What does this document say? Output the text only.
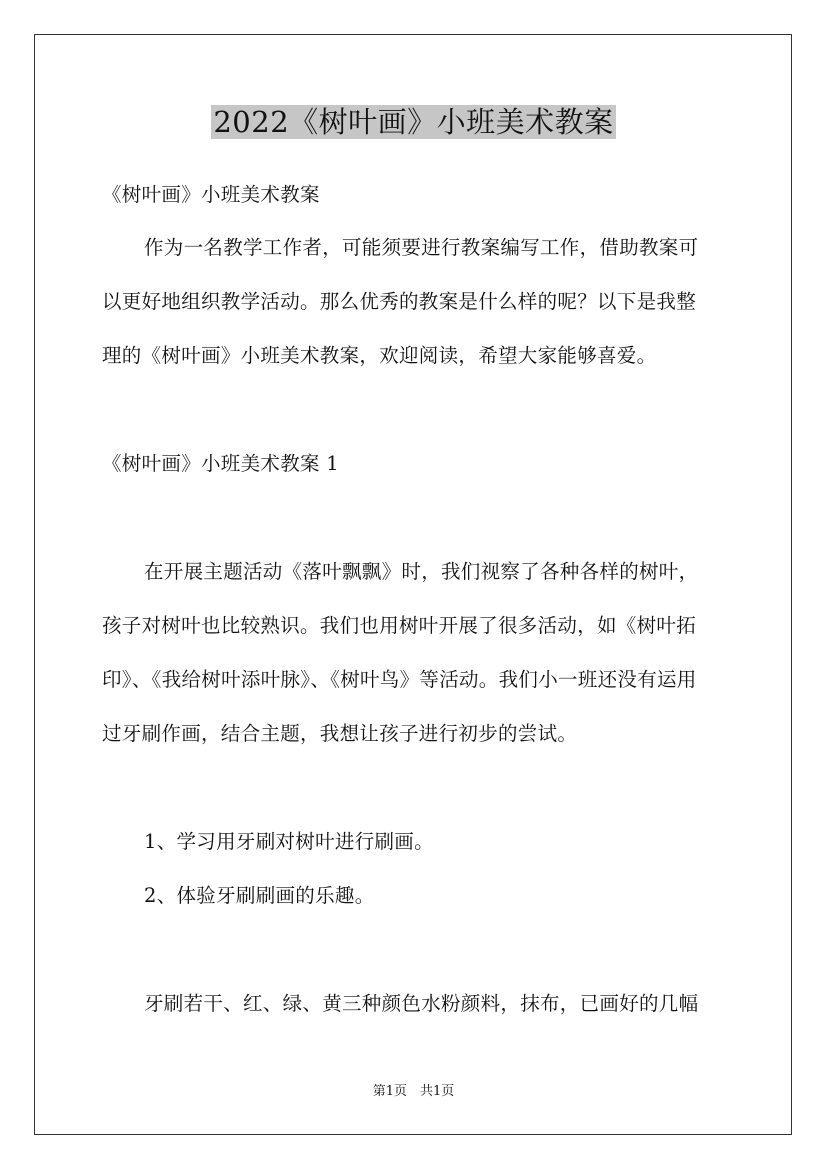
2022《树叶画》小班美术教案
《树叶画》小班美术教案
作为一名教学工作者，可能须要进行教案编写工作，借助教案可
以更好地组织教学活动。那么优秀的教案是什么样的呢？以下是我整
理的《树叶画》小班美术教案，欢迎阅读，希望大家能够喜爱。
《树叶画》小班美术教案 1
在开展主题活动《落叶飘飘》时，我们视察了各种各样的树叶，
孩子对树叶也比较熟识。我们也用树叶开展了很多活动，如《树叶拓
印》、《我给树叶添叶脉》、《树叶鸟》等活动。我们小一班还没有运用
过牙刷作画，结合主题，我想让孩子进行初步的尝试。
1、学习用牙刷对树叶进行刷画。
2、体验牙刷刷画的乐趣。
牙刷若干、红、绿、黄三种颜色水粉颜料，抹布，已画好的几幅
第1页　共1页
